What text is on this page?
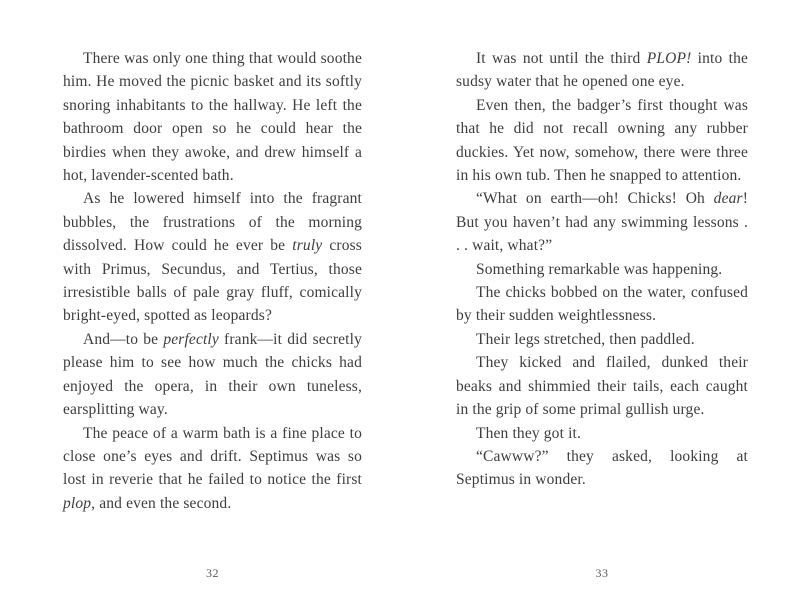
There was only one thing that would soothe him. He moved the picnic basket and its softly snoring inhabitants to the hallway. He left the bathroom door open so he could hear the birdies when they awoke, and drew himself a hot, lavender-scented bath.

As he lowered himself into the fragrant bubbles, the frustrations of the morning dissolved. How could he ever be truly cross with Primus, Secundus, and Tertius, those irresistible balls of pale gray fluff, comically bright-eyed, spotted as leopards?

And—to be perfectly frank—it did secretly please him to see how much the chicks had enjoyed the opera, in their own tuneless, earsplitting way.

The peace of a warm bath is a fine place to close one’s eyes and drift. Septimus was so lost in reverie that he failed to notice the first plop, and even the second.

It was not until the third PLOP! into the sudsy water that he opened one eye.

Even then, the badger’s first thought was that he did not recall owning any rubber duckies. Yet now, somehow, there were three in his own tub. Then he snapped to attention.

“What on earth—oh! Chicks! Oh dear! But you haven’t had any swimming lessons . . . wait, what?”

Something remarkable was happening.

The chicks bobbed on the water, confused by their sudden weightlessness.

Their legs stretched, then paddled.

They kicked and flailed, dunked their beaks and shimmied their tails, each caught in the grip of some primal gullish urge.

Then they got it.

“Cawww?” they asked, looking at Septimus in wonder.

32	33
